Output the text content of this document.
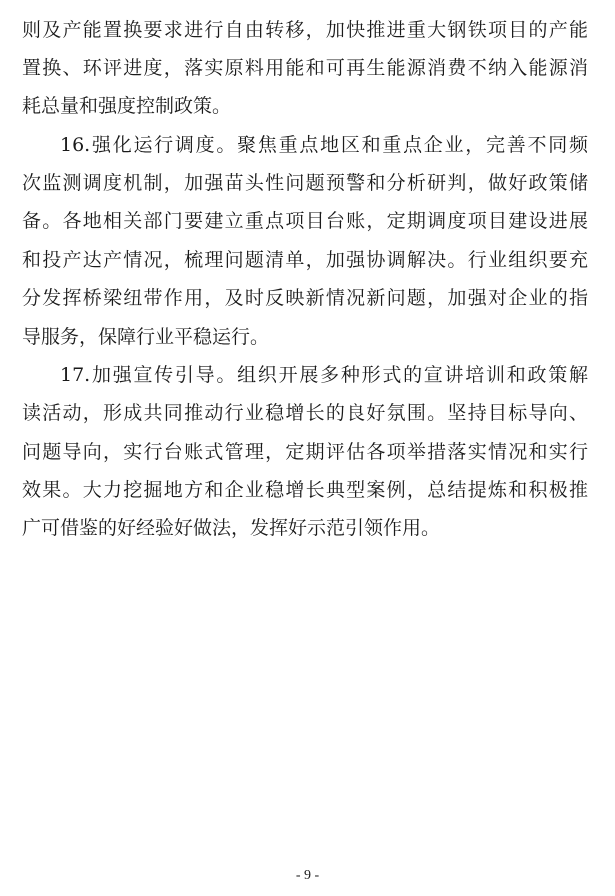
则及产能置换要求进行自由转移，加快推进重大钢铁项目的产能
置换、环评进度，落实原料用能和可再生能源消费不纳入能源消
耗总量和强度控制政策。
16.强化运行调度。聚焦重点地区和重点企业，完善不同频
次监测调度机制，加强苗头性问题预警和分析研判，做好政策储
备。各地相关部门要建立重点项目台账，定期调度项目建设进展
和投产达产情况，梳理问题清单，加强协调解决。行业组织要充
分发挥桥梁纽带作用，及时反映新情况新问题，加强对企业的指
导服务，保障行业平稳运行。
17.加强宣传引导。组织开展多种形式的宣讲培训和政策解
读活动，形成共同推动行业稳增长的良好氛围。坚持目标导向、
问题导向，实行台账式管理，定期评估各项举措落实情况和实行
效果。大力挖掘地方和企业稳增长典型案例，总结提炼和积极推
广可借鉴的好经验好做法，发挥好示范引领作用。
- 9 -
